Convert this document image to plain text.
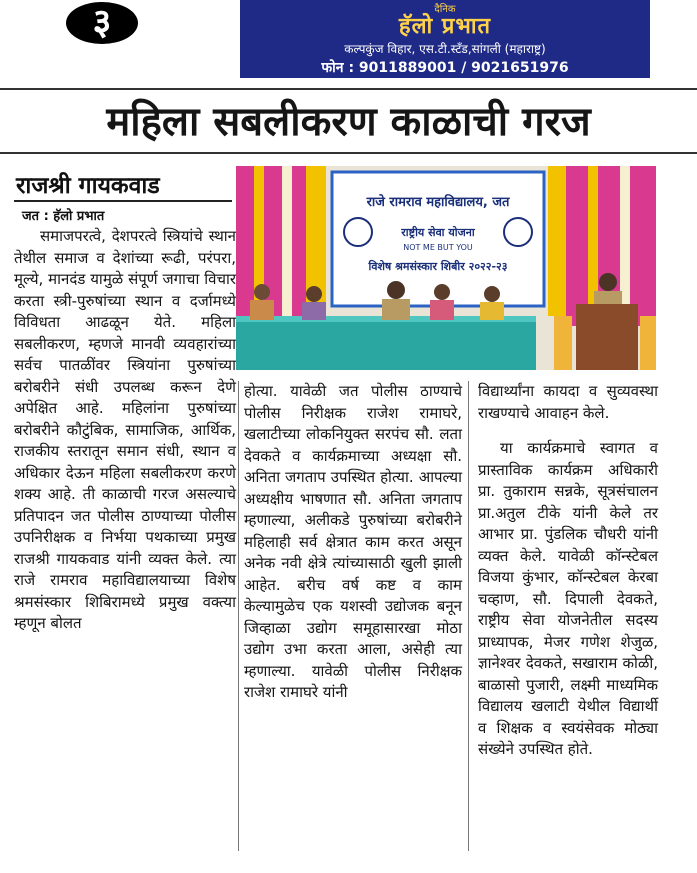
३	दैनिक
हॅलो प्रभात
कल्पकुंज विहार, एस.टी.स्टँड,सांगली (महाराष्ट्र)
फोन : 9011889001 / 9021651976
महिला सबलीकरण काळाची गरज
राजश्री गायकवाड
जत : हॅलो प्रभात
समाजपरत्वे, देशपरत्वे स्त्रियांचे स्थान तेथील समाज व देशांच्या रूढी, परंपरा, मूल्ये, मानदंड यामुळे संपूर्ण जगाचा विचार करता स्त्री-पुरुषांच्या स्थान व दर्जामध्ये विविधता आढळून येते. महिला सबलीकरण, म्हणजे मानवी व्यवहारांच्या सर्वच पातळींवर स्त्रियांना पुरुषांच्या बरोबरीने संधी उपलब्ध करून देणे अपेक्षित आहे. महिलांना पुरुषांच्या बरोबरीने कौटुंबिक, सामाजिक, आर्थिक, राजकीय स्तरातून समान संधी, स्थान व अधिकार देऊन महिला सबलीकरण करणे शक्य आहे. ती काळाची गरज असल्याचे प्रतिपादन जत पोलीस ठाण्याच्या पोलीस उपनिरीक्षक व निर्भया पथकाच्या प्रमुख राजश्री गायकवाड यांनी व्यक्त केले. त्या राजे रामराव महाविद्यालयाच्या विशेष श्रमसंस्कार शिबिरामध्ये प्रमुख वक्त्या म्हणून बोलत
राजे रामराव महाविद्यालय, जत
राष्ट्रीय सेवा योजना
NOT ME BUT YOU
विशेष श्रमसंस्कार शिबीर २०२२-२३
होत्या. यावेळी जत पोलीस ठाण्याचे पोलीस निरीक्षक राजेश रामाघरे, खलाटीच्या लोकनियुक्त सरपंच सौ. लता देवकते व कार्यक्रमाच्या अध्यक्षा सौ. अनिता जगताप उपस्थित होत्या. आपल्या अध्यक्षीय भाषणात सौ. अनिता जगताप म्हणाल्या, अलीकडे पुरुषांच्या बरोबरीने महिलाही सर्व क्षेत्रात काम करत असून अनेक नवी क्षेत्रे त्यांच्यासाठी खुली झाली आहेत. बरीच वर्ष कष्ट व काम केल्यामुळेच एक यशस्वी उद्योजक बनून जिव्हाळा उद्योग समूहासारखा मोठा उद्योग उभा करता आला, असेही त्या म्हणाल्या. यावेळी पोलीस निरीक्षक राजेश रामाघरे यांनी

विद्यार्थ्यांना कायदा व सुव्यवस्था राखण्याचे आवाहन केले.

या कार्यक्रमाचे स्वागत व प्रास्ताविक कार्यक्रम अधिकारी प्रा. तुकाराम सन्नके, सूत्रसंचालन प्रा.अतुल टीके यांनी केले तर आभार प्रा. पुंडलिक चौधरी यांनी व्यक्त केले. यावेळी कॉन्स्टेबल विजया कुंभार, कॉन्स्टेबल केरबा चव्हाण, सौ. दिपाली देवकते, राष्ट्रीय सेवा योजनेतील सदस्य प्राध्यापक, मेजर गणेश शेजुळ, ज्ञानेश्वर देवकते, सखाराम कोळी, बाळासो पुजारी, लक्ष्मी माध्यमिक विद्यालय खलाटी येथील विद्यार्थी व शिक्षक व स्वयंसेवक मोठ्या संख्येने उपस्थित होते.
